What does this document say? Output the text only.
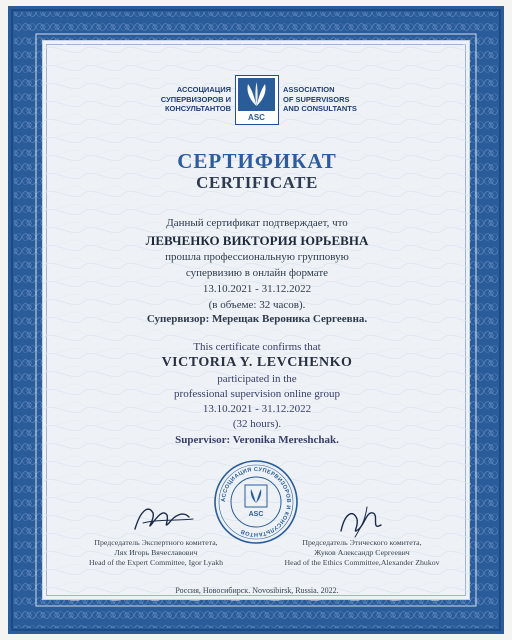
АССОЦИАЦИЯ
СУПЕРВИЗОРОВ И
КОНСУЛЬТАНТОВ
ASC
ASSOCIATION
OF SUPERVISORS
AND CONSULTANTS
СЕРТИФИКАТ
CERTIFICATE
Данный сертификат подтверждает, что
ЛЕВЧЕНКО ВИКТОРИЯ ЮРЬЕВНА
прошла профессиональную групповую
супервизию в онлайн формате
13.10.2021 - 31.12.2022
(в объеме: 32 часов).
Супервизор: Мерещак Вероника Сергеевна.
This certificate confirms that
VICTORIA Y. LEVCHENKO
participated in the
professional supervision online group
13.10.2021 - 31.12.2022
(32 hours).
Supervisor: Veronika Mereshchak.
АССОЦИАЦИЯ СУПЕРВИЗОРОВ И КОНСУЛЬТАНТОВ
ASC
Председатель Экспертного комитета,
Лях Игорь Вячеславович
Head of the Expert Committee, Igor Lyakh
Председатель Этического комитета,
Жуков Александр Сергеевич
Head of the Ethics Committee,Alexander Zhukov
Россия, Новосибирск. Novosibirsk, Russia. 2022.
